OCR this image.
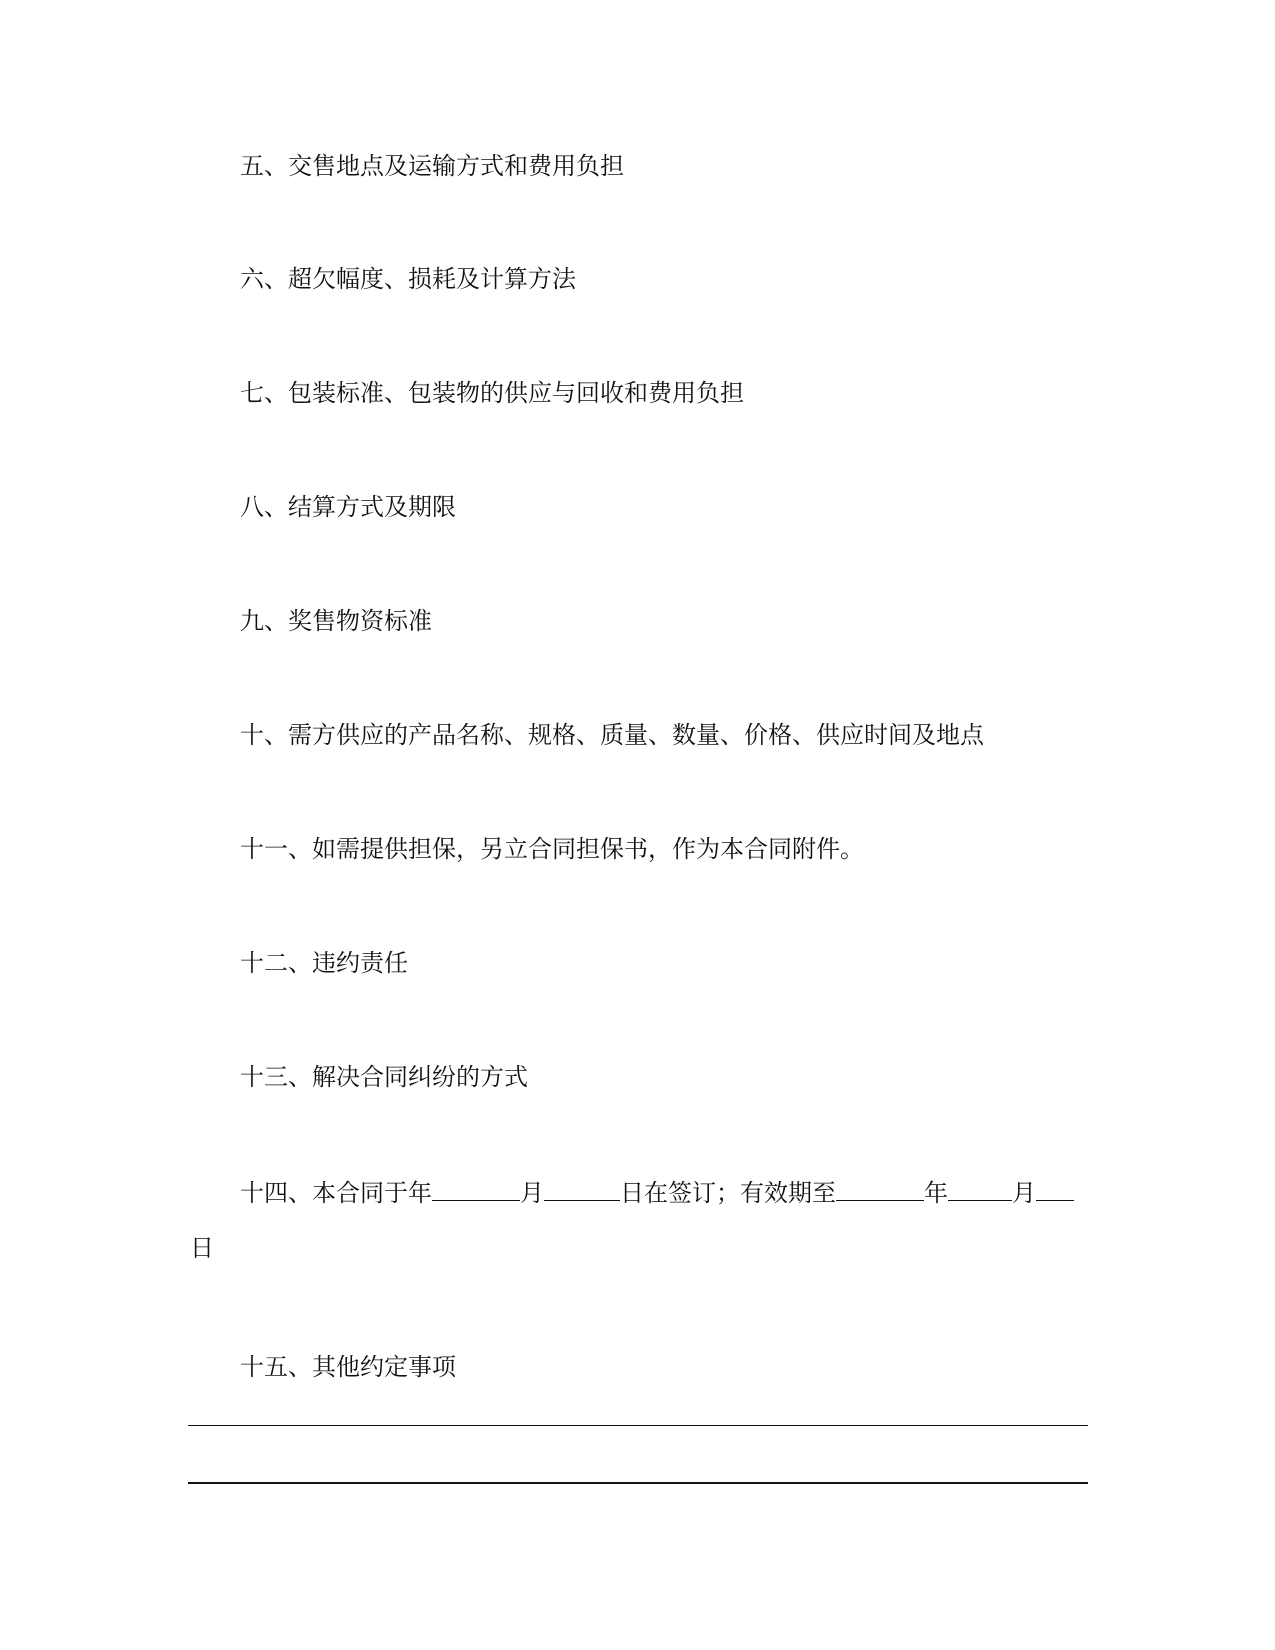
五、交售地点及运输方式和费用负担

六、超欠幅度、损耗及计算方法

七、包装标准、包装物的供应与回收和费用负担

八、结算方式及期限

九、奖售物资标准

十、需方供应的产品名称、规格、质量、数量、价格、供应时间及地点

十一、如需提供担保，另立合同担保书，作为本合同附件。

十二、违约责任

十三、解决合同纠纷的方式

十四、本合同于年	月	日在签订；有效期至	年	月

日

十五、其他约定事项
